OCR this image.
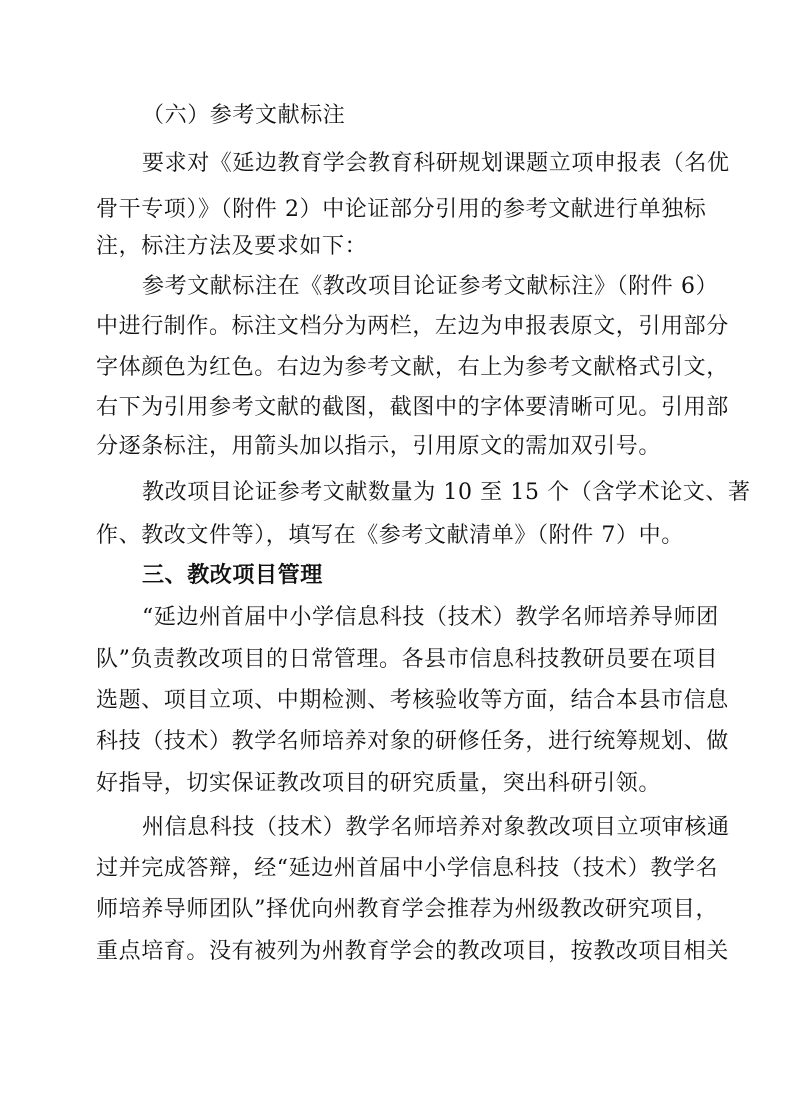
（六）参考文献标注
要求对《延边教育学会教育科研规划课题立项申报表（名优
骨干专项）》（附件 2）中论证部分引用的参考文献进行单独标
注，标注方法及要求如下：
参考文献标注在《教改项目论证参考文献标注》（附件 6）
中进行制作。标注文档分为两栏，左边为申报表原文，引用部分
字体颜色为红色。右边为参考文献，右上为参考文献格式引文，
右下为引用参考文献的截图，截图中的字体要清晰可见。引用部
分逐条标注，用箭头加以指示，引用原文的需加双引号。
教改项目论证参考文献数量为 10 至 15 个（含学术论文、著
作、教改文件等），填写在《参考文献清单》（附件 7）中。
三、教改项目管理
“延边州首届中小学信息科技（技术）教学名师培养导师团
队”负责教改项目的日常管理。各县市信息科技教研员要在项目
选题、项目立项、中期检测、考核验收等方面，结合本县市信息
科技（技术）教学名师培养对象的研修任务，进行统筹规划、做
好指导，切实保证教改项目的研究质量，突出科研引领。
州信息科技（技术）教学名师培养对象教改项目立项审核通
过并完成答辩，经“延边州首届中小学信息科技（技术）教学名
师培养导师团队”择优向州教育学会推荐为州级教改研究项目，
重点培育。没有被列为州教育学会的教改项目，按教改项目相关
